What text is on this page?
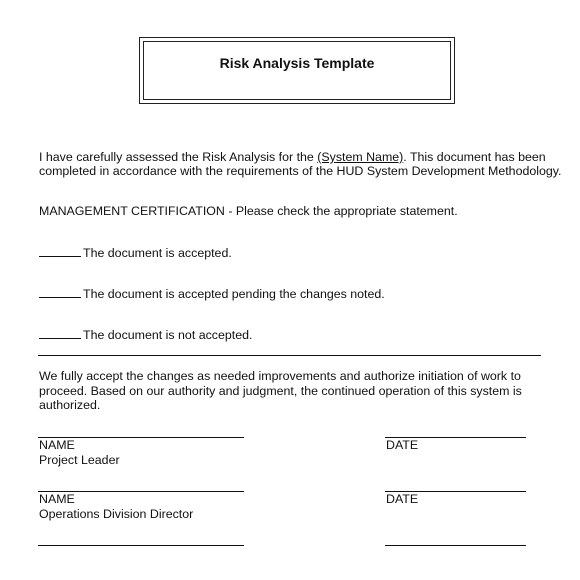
Risk Analysis Template
I have carefully assessed the Risk Analysis for the (System Name). This document has been
completed in accordance with the requirements of the HUD System Development Methodology.
MANAGEMENT CERTIFICATION - Please check the appropriate statement.
The document is accepted.
The document is accepted pending the changes noted.
The document is not accepted.
We fully accept the changes as needed improvements and authorize initiation of work to
proceed. Based on our authority and judgment, the continued operation of this system is
authorized.
NAME	DATE
Project Leader
NAME	DATE
Operations Division Director
